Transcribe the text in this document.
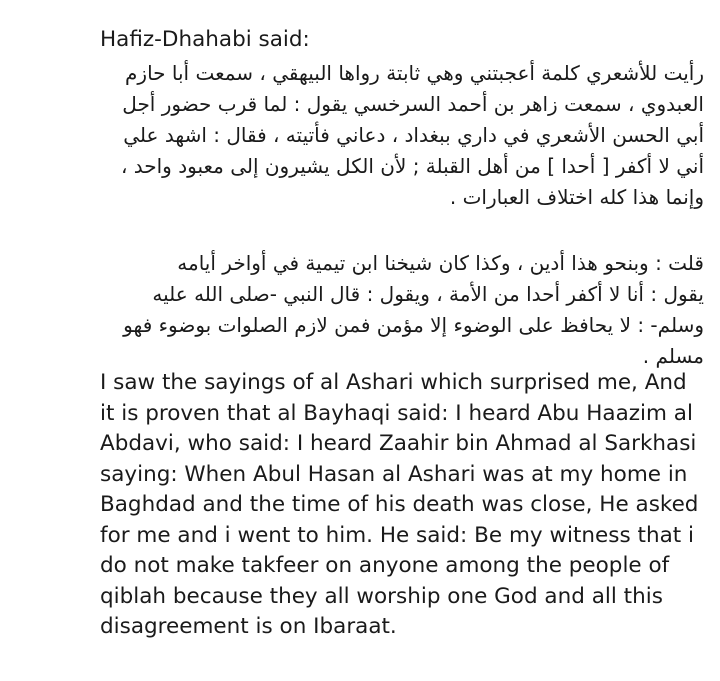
Hafiz-Dhahabi said:
رأيت للأشعري كلمة أعجبتني وهي ثابتة رواها البيهقي ، سمعت أبا حازم
العبدوي ، سمعت زاهر بن أحمد السرخسي يقول : لما قرب حضور أجل
أبي الحسن الأشعري في داري ببغداد ، دعاني فأتيته ، فقال : اشهد علي
أني لا أكفر [ أحدا ] من أهل القبلة ; لأن الكل يشيرون إلى معبود واحد ،
وإنما هذا كله اختلاف العبارات .
قلت : وبنحو هذا أدين ، وكذا كان شيخنا ابن تيمية في أواخر أيامه
يقول : أنا لا أكفر أحدا من الأمة ، ويقول : قال النبي -صلى الله عليه
وسلم- : لا يحافظ على الوضوء إلا مؤمن فمن لازم الصلوات بوضوء فهو
مسلم .
I saw the sayings of al Ashari which surprised me, And
it is proven that al Bayhaqi said: I heard Abu Haazim al
Abdavi, who said: I heard Zaahir bin Ahmad al Sarkhasi
saying: When Abul Hasan al Ashari was at my home in
Baghdad and the time of his death was close, He asked
for me and i went to him. He said: Be my witness that i
do not make takfeer on anyone among the people of
qiblah because they all worship one God and all this
disagreement is on Ibaraat.
